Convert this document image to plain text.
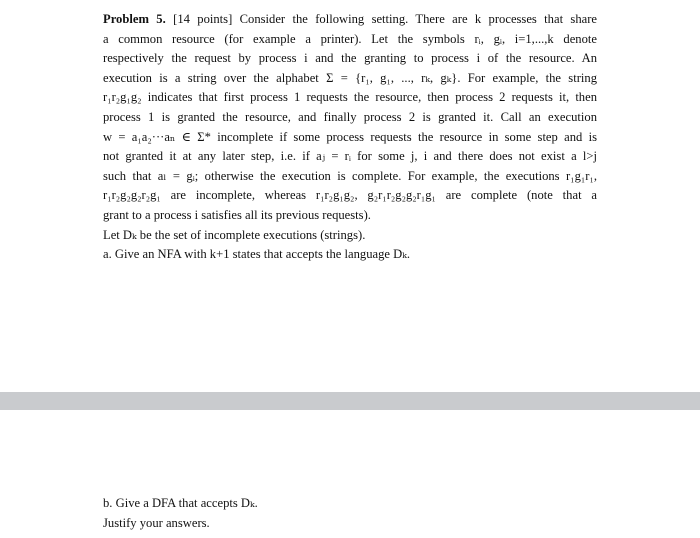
Problem 5. [14 points] Consider the following setting. There are k processes that share

a common resource (for example a printer). Let the symbols rᵢ, gᵢ, i=1,...,k denote

respectively the request by process i and the granting to process i of the resource. An

execution is a string over the alphabet Σ = {r₁, g₁, ..., rₖ, gₖ}. For example, the string

r₁r₂g₁g₂ indicates that first process 1 requests the resource, then process 2 requests it, then

process 1 is granted the resource, and finally process 2 is granted it. Call an execution

w = a₁a₂···aₙ ∈ Σ* incomplete if some process requests the resource in some step and is

not granted it at any later step, i.e. if aⱼ = rᵢ for some j, i and there does not exist a l>j

such that aₗ = gᵢ; otherwise the execution is complete. For example, the executions r₁g₁r₁,

r₁r₂g₂g₂r₂g₁ are incomplete, whereas r₁r₂g₁g₂, g₂r₁r₂g₂g₂r₁g₁ are complete (note that a

grant to a process i satisfies all its previous requests).

Let Dₖ be the set of incomplete executions (strings).

a. Give an NFA with k+1 states that accepts the language Dₖ.

b. Give a DFA that accepts Dₖ.

Justify your answers.
